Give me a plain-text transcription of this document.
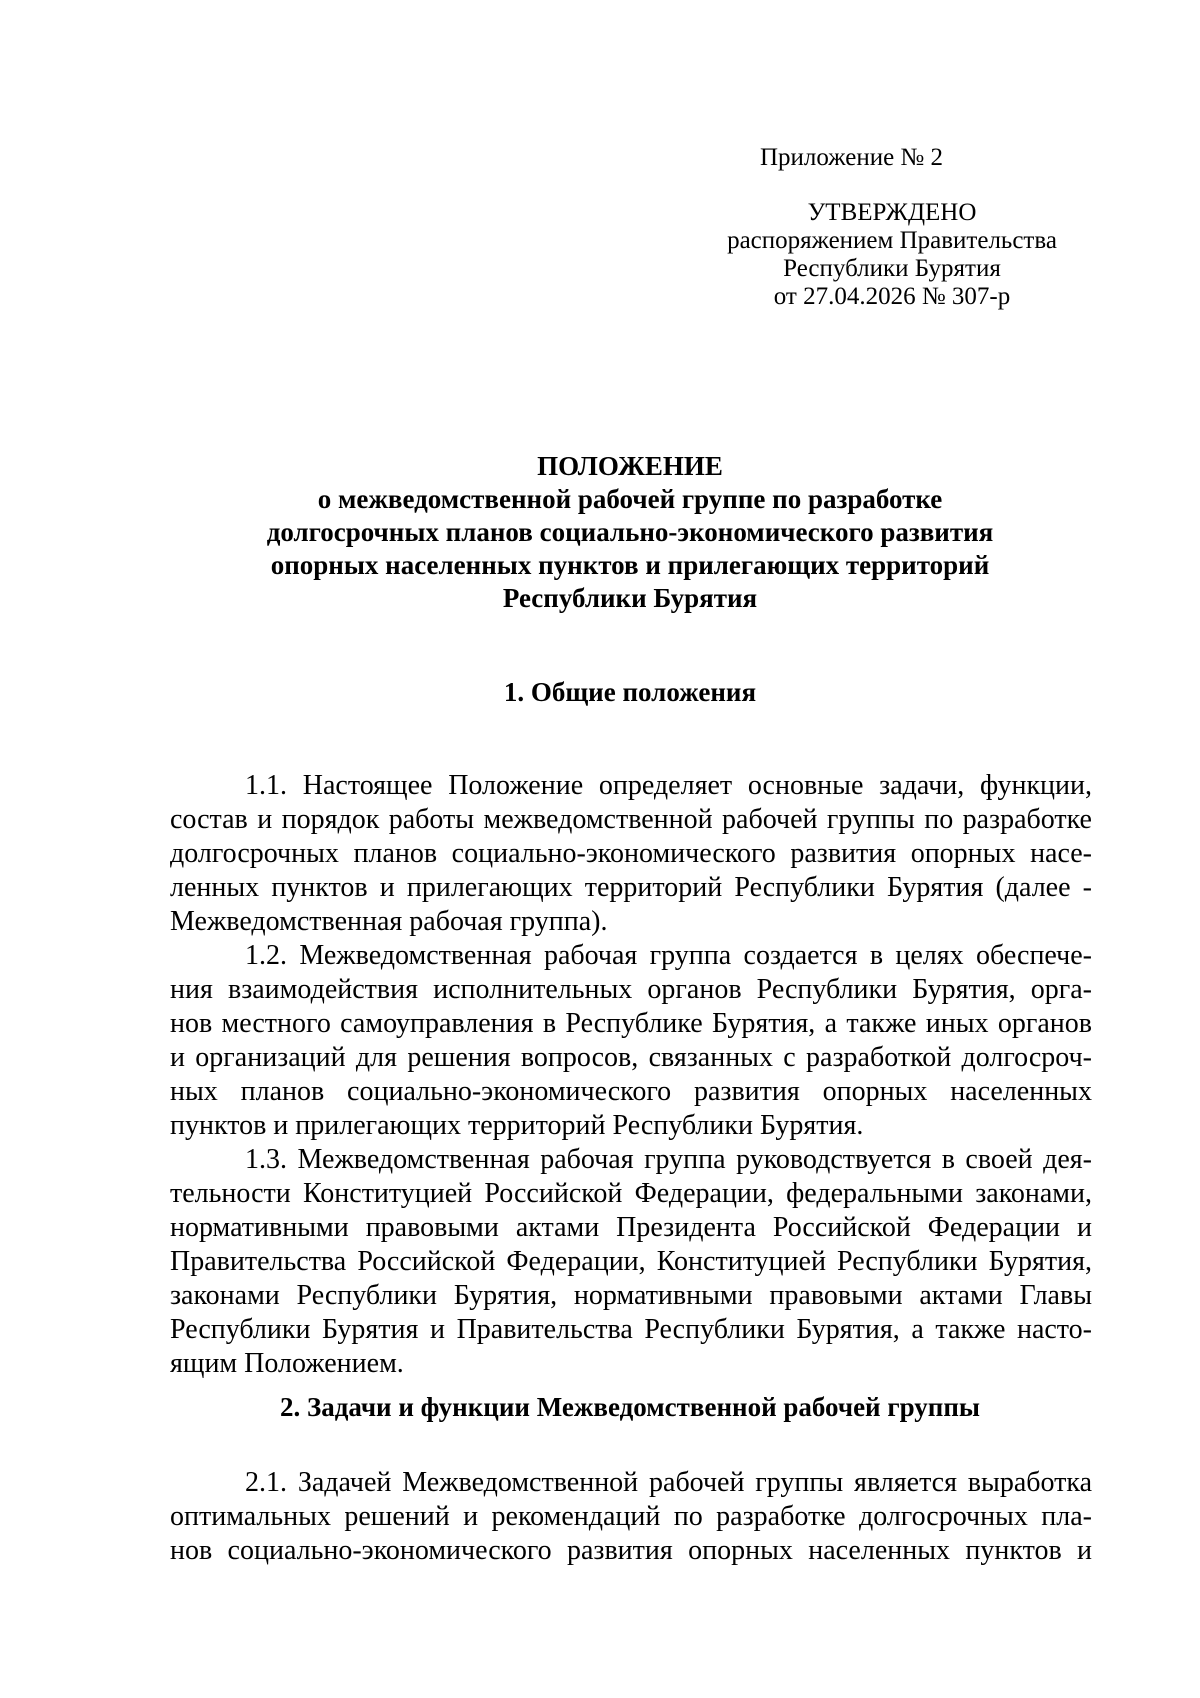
Приложение № 2
УТВЕРЖДЕНО
распоряжением Правительства
Республики Бурятия
от 27.04.2026 № 307-р
ПОЛОЖЕНИЕ
о межведомственной рабочей группе по разработке
долгосрочных планов социально-экономического развития
опорных населенных пунктов и прилегающих территорий
Республики Бурятия
1. Общие положения
1.1. Настоящее Положение определяет основные задачи, функции,
состав и порядок работы межведомственной рабочей группы по разработке
долгосрочных планов социально-экономического развития опорных насе-
ленных пунктов и прилегающих территорий Республики Бурятия (далее -
Межведомственная рабочая группа).
1.2. Межведомственная рабочая группа создается в целях обеспече-
ния взаимодействия исполнительных органов Республики Бурятия, орга-
нов местного самоуправления в Республике Бурятия, а также иных органов
и организаций для решения вопросов, связанных с разработкой долгосроч-
ных планов социально-экономического развития опорных населенных
пунктов и прилегающих территорий Республики Бурятия.
1.3. Межведомственная рабочая группа руководствуется в своей дея-
тельности Конституцией Российской Федерации, федеральными законами,
нормативными правовыми актами Президента Российской Федерации и
Правительства Российской Федерации, Конституцией Республики Бурятия,
законами Республики Бурятия, нормативными правовыми актами Главы
Республики Бурятия и Правительства Республики Бурятия, а также насто-
ящим Положением.
2. Задачи и функции Межведомственной рабочей группы
2.1. Задачей Межведомственной рабочей группы является выработка
оптимальных решений и рекомендаций по разработке долгосрочных пла-
нов социально-экономического развития опорных населенных пунктов и
